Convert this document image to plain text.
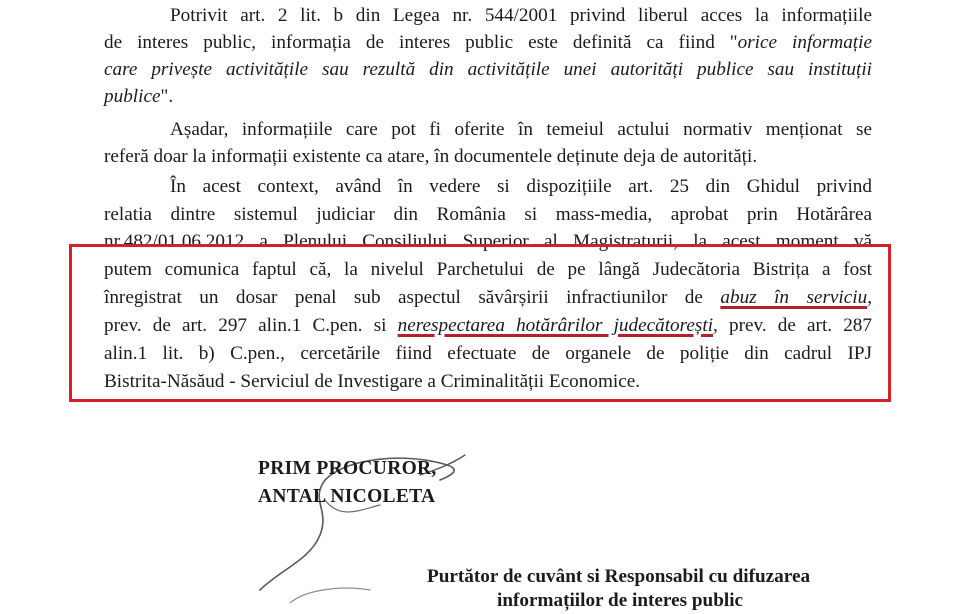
Potrivit art. 2 lit. b din Legea nr. 544/2001 privind liberul acces la informațiile
de interes public, informația de interes public este definită ca fiind "orice informație
care privește activitățile sau rezultă din activitățile unei autorități publice sau instituții
publice".
Așadar, informațiile care pot fi oferite în temeiul actului normativ menționat se
referă doar la informații existente ca atare, în documentele deținute deja de autorități.
În acest context, având în vedere si dispozițiile art. 25 din Ghidul privind
relatia dintre sistemul judiciar din România si mass-media, aprobat prin Hotărârea
nr.482/01.06.2012 a Plenului Consiliului Superior al Magistraturii, la acest moment vă
putem comunica faptul că, la nivelul Parchetului de pe lângă Judecătoria Bistrița a fost
înregistrat un dosar penal sub aspectul săvârșirii infractiunilor de abuz în serviciu,
prev. de art. 297 alin.1 C.pen. si nerespectarea hotărârilor judecătorești, prev. de art. 287
alin.1 lit. b) C.pen., cercetările fiind efectuate de organele de poliție din cadrul IPJ
Bistrita-Năsăud - Serviciul de Investigare a Criminalității Economice.
PRIM PROCUROR,
ANTAL NICOLETA
Purtător de cuvânt si Responsabil cu difuzarea
informațiilor de interes public
